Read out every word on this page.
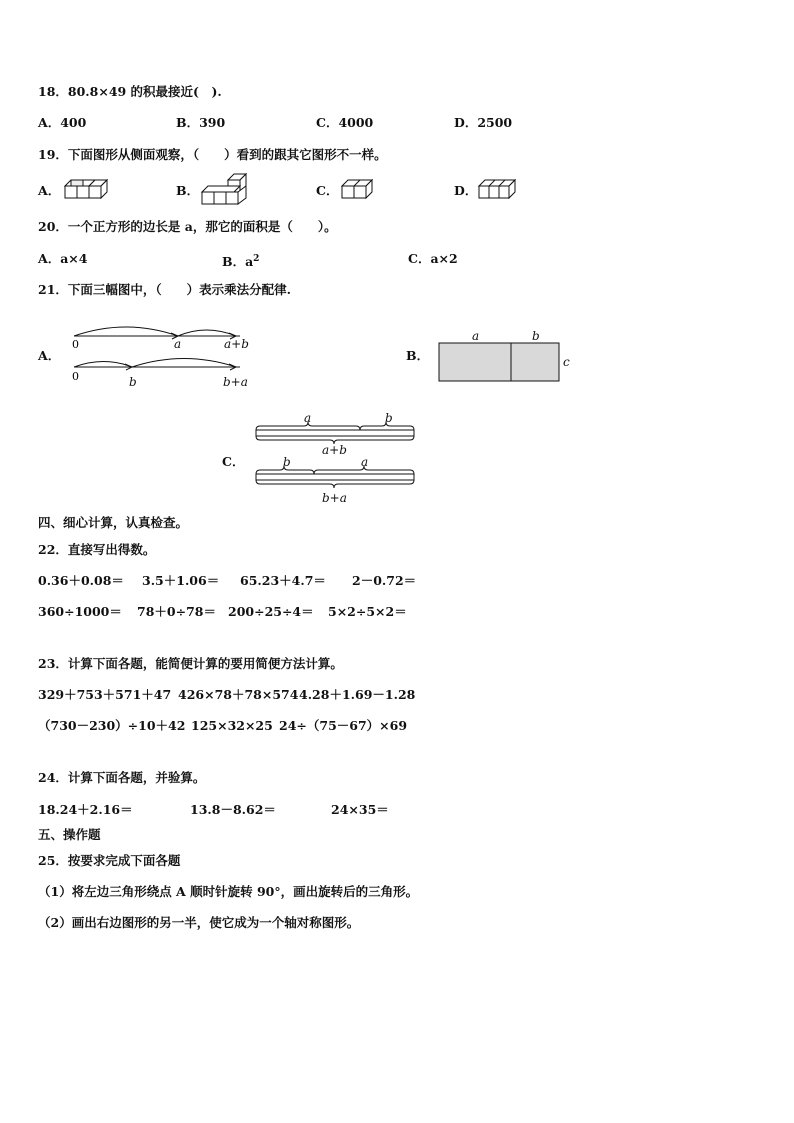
18．80.8×49 的积最接近(　).
A．400	B．390	C．4000	D．2500
19．下面图形从侧面观察，（　　）看到的跟其它图形不一样。
A．	B．	C．	D．
20．一个正方形的边长是 a，那它的面积是（　　）。
A．a×4	B．$a^2$	C．a×2
21．下面三幅图中，（　　）表示乘法分配律.
A．
0	a	a+b
0	b	b+a
B．
a	b
c
C．
a	b
a+b
b	a
b+a
四、细心计算，认真检查。
22．直接写出得数。
0.36＋0.08＝ 3.5＋1.06＝ 65.23＋4.7＝ 2－0.72＝
360÷1000＝ 78＋0÷78＝ 200÷25÷4＝ 5×2÷5×2＝
23．计算下面各题，能简便计算的要用简便方法计算。
329＋753＋571＋47 426×78＋78×574 4.28＋1.69－1.28
（730－230）÷10＋42 125×32×25 24÷（75－67）×69
24．计算下面各题，并验算。
18.24＋2.16＝	13.8－8.62＝	24×35＝
五、操作题
25．按要求完成下面各题
（1）将左边三角形绕点 A 顺时针旋转 90°，画出旋转后的三角形。
（2）画出右边图形的另一半，使它成为一个轴对称图形。
